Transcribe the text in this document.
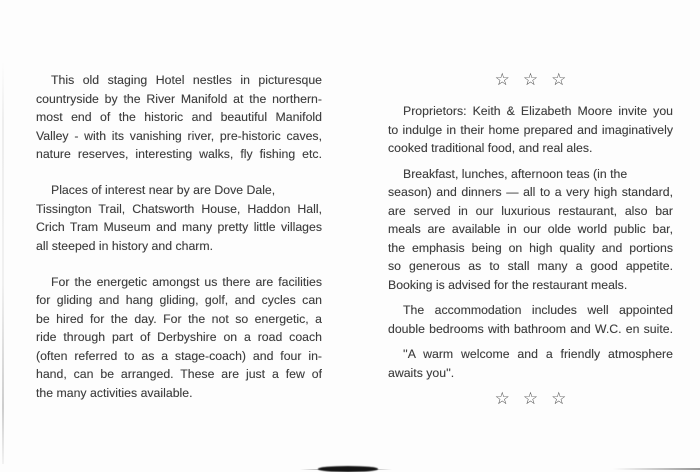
This old staging Hotel nestles in picturesque
countryside by the River Manifold at the northern-
most end of the historic and beautiful Manifold
Valley - with its vanishing river, pre-historic caves,
nature reserves, interesting walks, fly fishing etc.
Places of interest near by are Dove Dale,
Tissington Trail, Chatsworth House, Haddon Hall,
Crich Tram Museum and many pretty little villages
all steeped in history and charm.
For the energetic amongst us there are facilities
for gliding and hang gliding, golf, and cycles can
be hired for the day. For the not so energetic, a
ride through part of Derbyshire on a road coach
(often referred to as a stage-coach) and four in-
hand, can be arranged. These are just a few of
the many activities available.
☆ ☆ ☆
Proprietors: Keith & Elizabeth Moore invite you
to indulge in their home prepared and imaginatively
cooked traditional food, and real ales.
Breakfast, lunches, afternoon teas (in the
season) and dinners — all to a very high standard,
are served in our luxurious restaurant, also bar
meals are available in our olde world public bar,
the emphasis being on high quality and portions
so generous as to stall many a good appetite.
Booking is advised for the restaurant meals.
The accommodation includes well appointed
double bedrooms with bathroom and W.C. en suite.
''A warm welcome and a friendly atmosphere
awaits you''.
☆ ☆ ☆
